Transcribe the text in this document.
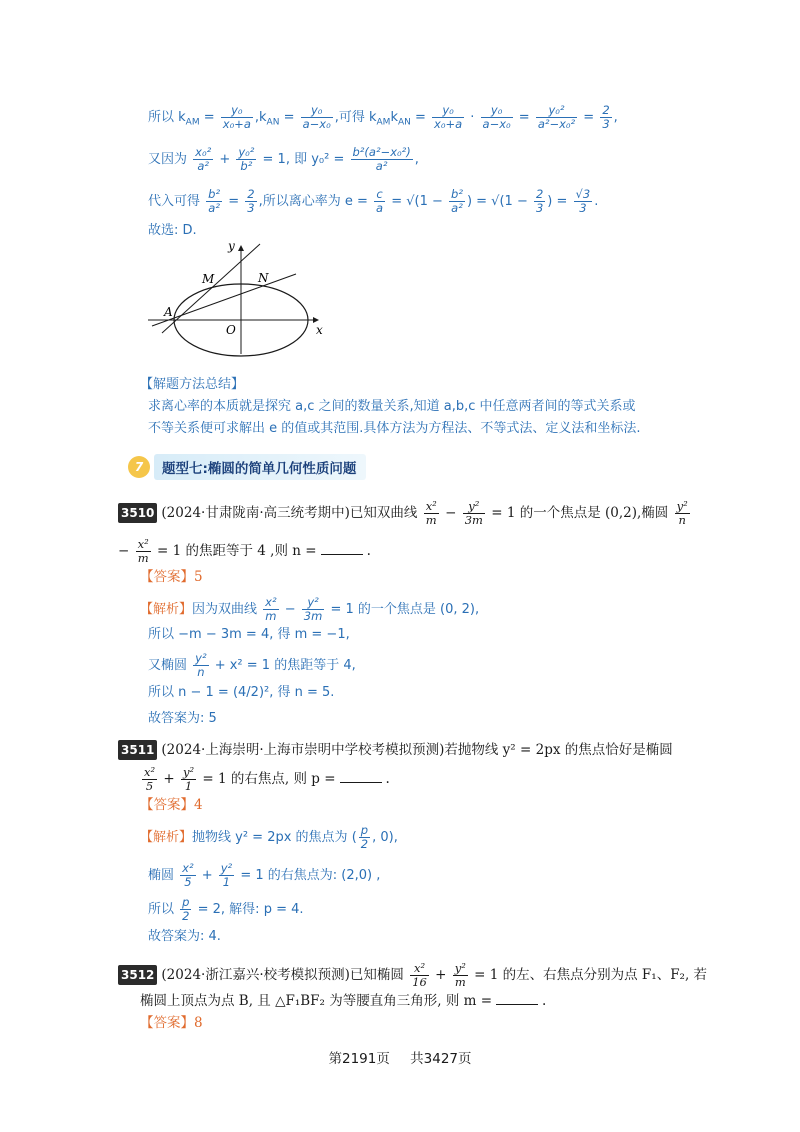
所以 $k_{AM} = \frac{\text{y₀}}{\text{x₀+a}} ,k_{AN} = \frac{\text{y₀}}{\text{a−x₀}}$ ,可得 $k_{AM}k_{AN} = \frac{\text{y₀}}{\text{x₀+a}} \cdot \frac{\text{y₀}}{\text{a−x₀}} = \frac{\text{y₀²}}{\text{a²−x₀²}} = \frac{2}{3}$ ,
又因为 $\frac{\text{x₀²}}{\text{a²}} + \frac{\text{y₀²}}{\text{b²}} = 1$, 即 $y_0^2 = \frac{\text{b²(a²−x₀²)}}{\text{a²}}$ ,
代入可得 $\frac{\text{b²}}{\text{a²}} = \frac{2}{3}$ ,所以离心率为 $e = \frac{c}{a} = √(1 - \frac{\text{b²}}{\text{a²}}$ ) = $√(1 - \frac{2}{3}$ ) = $\frac{√3}{3}$ .
故选: D.
y
x
M	N
A
O
【解题方法总结】
求离心率的本质就是探究 a,c 之间的数量关系,知道 a,b,c 中任意两者间的等式关系或
不等关系便可求解出 e 的值或其范围.具体方法为方程法、不等式法、定义法和坐标法.
7	题型七:椭圆的简单几何性质问题
3510 (2024·甘肃陇南·高三统考期中)已知双曲线 $\frac{\text{x²}}{m} - \frac{\text{y²}}{3m} = 1$ 的一个焦点是 (0,2),椭圆 $\frac{\text{y²}}{n}$
− $\frac{\text{x²}}{m} = 1$ 的焦距等于 4 ,则 n =	.
【答案】5
【解析】因为双曲线 $\frac{\text{x²}}{m} - \frac{\text{y²}}{3m} = 1$ 的一个焦点是 (0, 2),
所以 −m − 3m = 4, 得 m = −1,
又椭圆 $\frac{\text{y²}}{n} + x^2 = 1$ 的焦距等于 4,
所以 n − 1 = (4/2)², 得 n = 5.
故答案为: 5
3511 (2024·上海崇明·上海市崇明中学校考模拟预测)若抛物线 y² = 2px 的焦点恰好是椭圆
$\frac{\text{x²}}{5} + \frac{\text{y²}}{1} = 1$ 的右焦点, 则 p =	.
【答案】4
【解析】抛物线 y² = 2px 的焦点为 ( $\frac{p}{2}$ , 0),
椭圆 $\frac{\text{x²}}{5} + \frac{\text{y²}}{1} = 1$ 的右焦点为: (2,0) ,
所以 $\frac{p}{2} = 2$, 解得: p = 4.
故答案为: 4.
3512 (2024·浙江嘉兴·校考模拟预测)已知椭圆 $\frac{\text{x²}}{16} + \frac{\text{y²}}{m} = 1$ 的左、右焦点分别为点 F₁、F₂, 若
椭圆上顶点为点 B, 且 △F₁BF₂ 为等腰直角三角形, 则 m =	.
【答案】8
第2191页 共3427页
